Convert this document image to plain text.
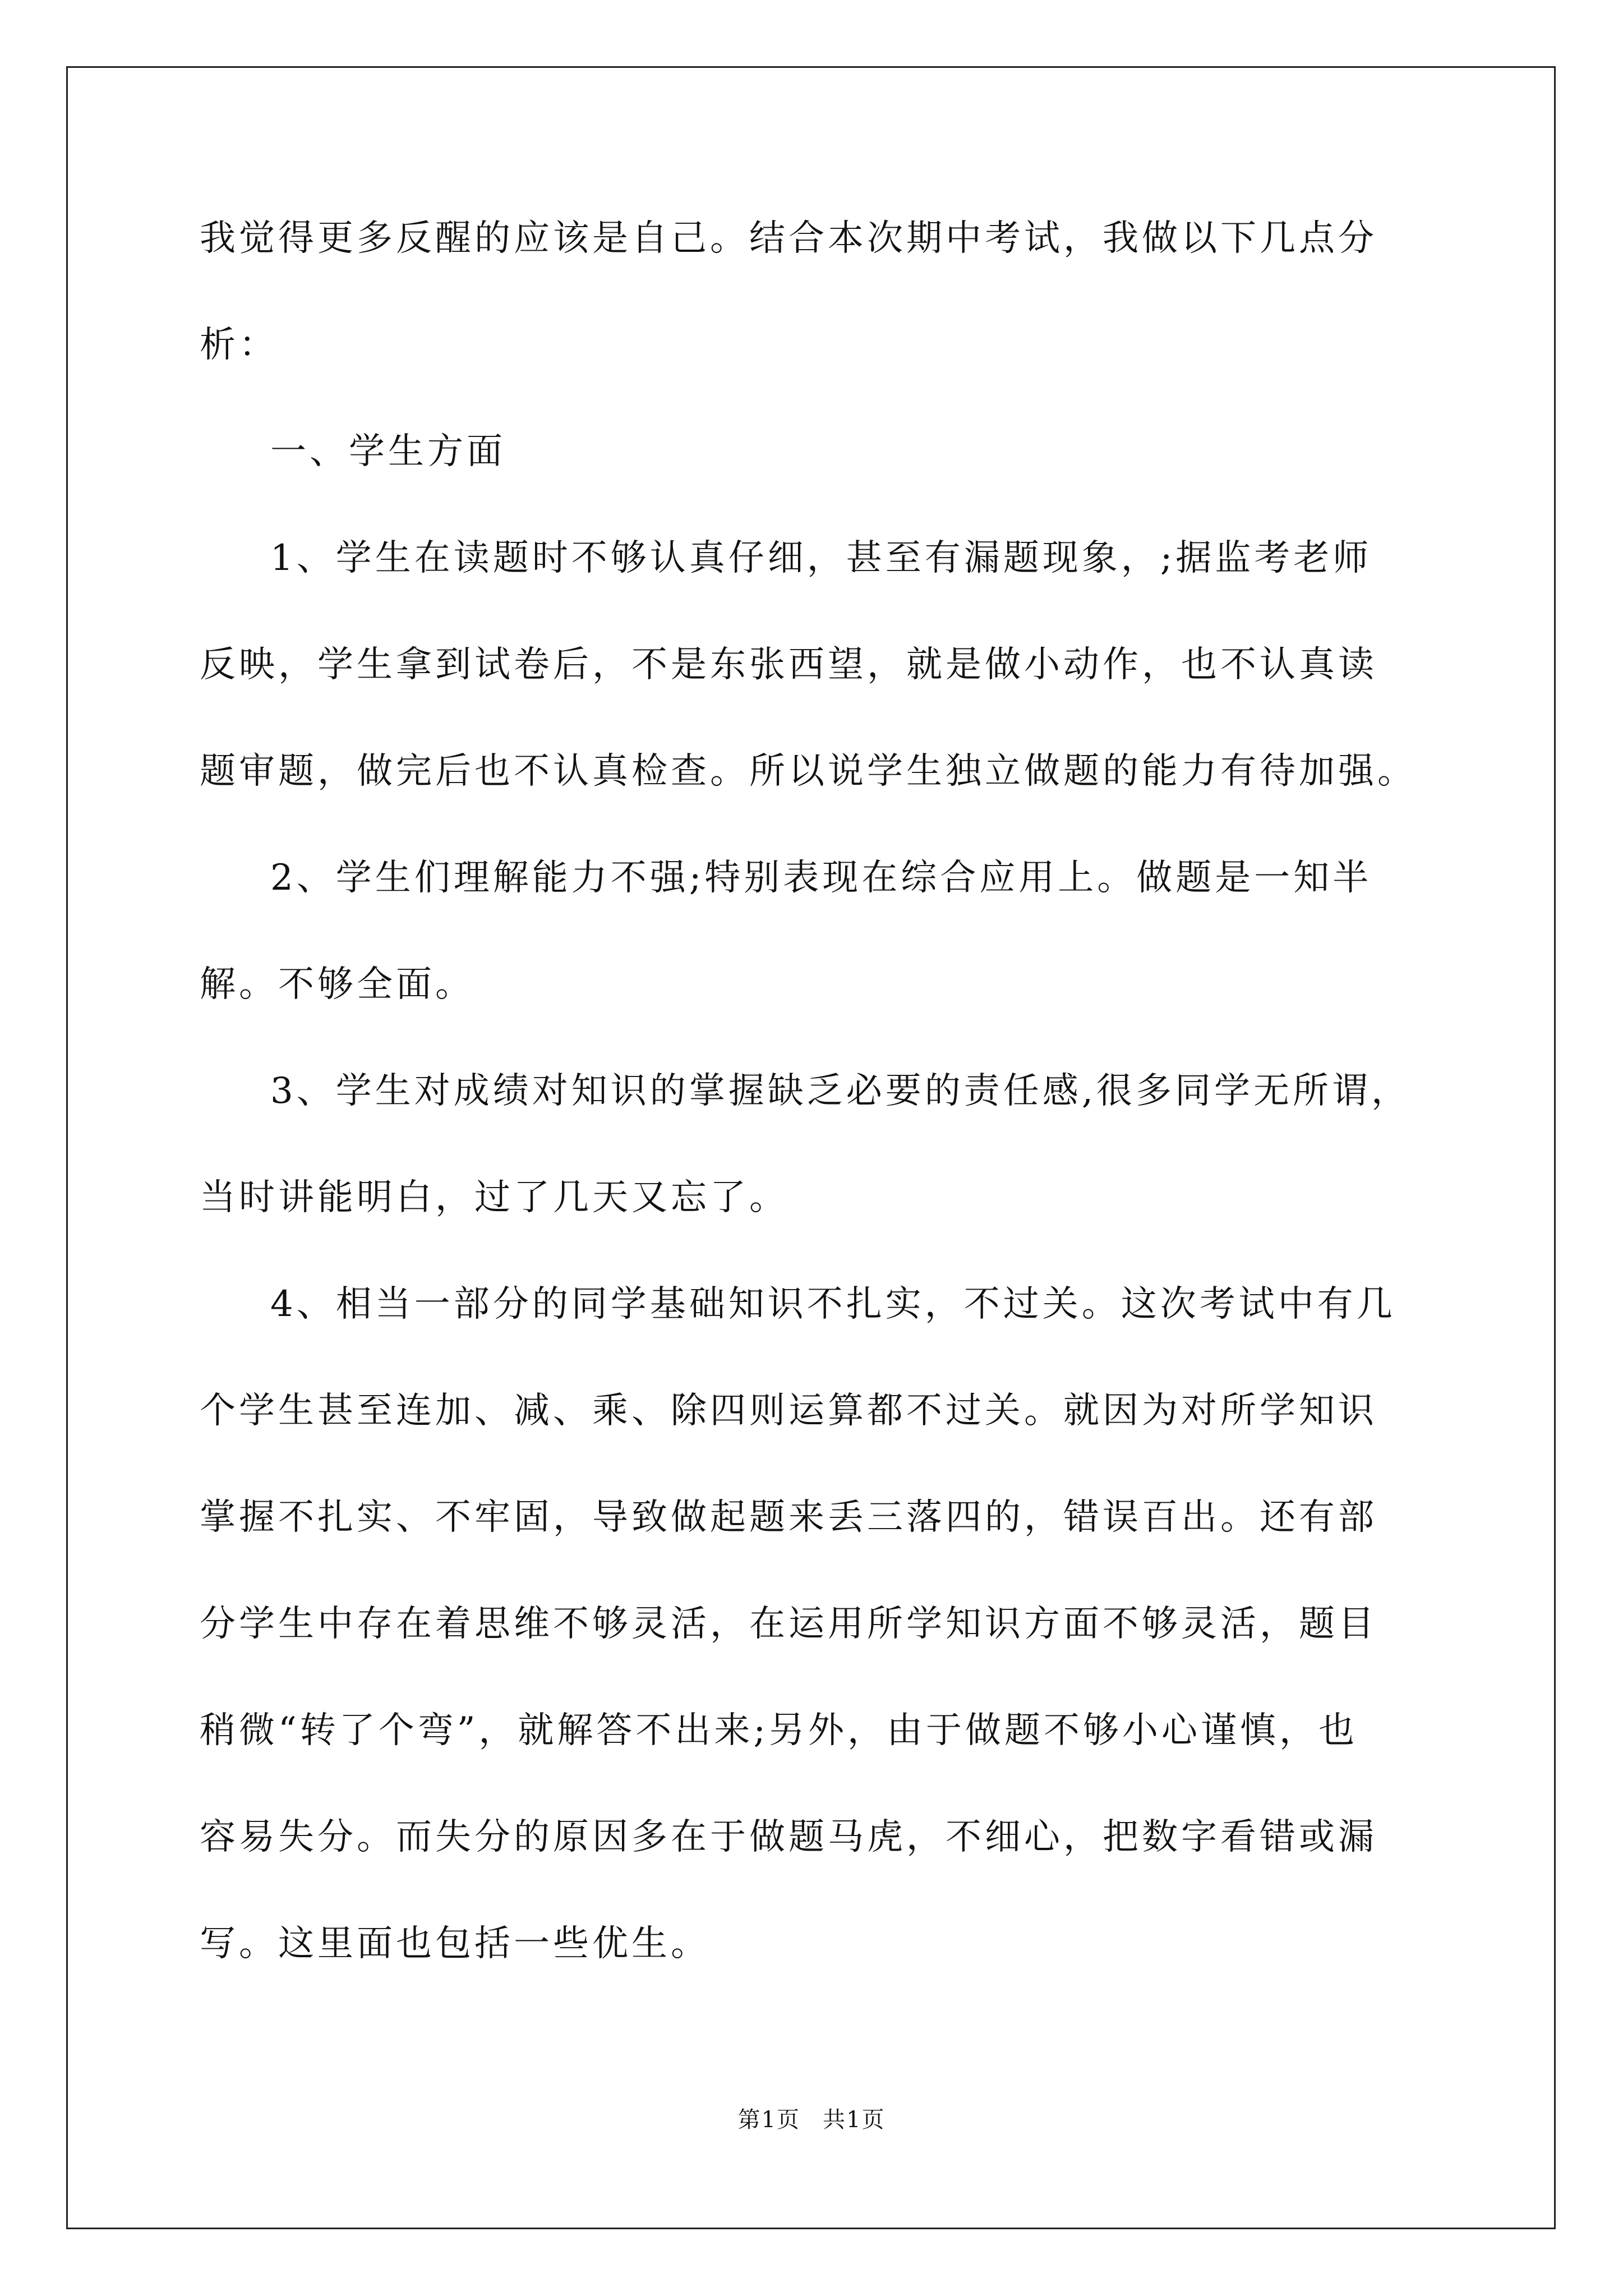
我觉得更多反醒的应该是自己。结合本次期中考试，我做以下几点分
析：
一、学生方面
1、学生在读题时不够认真仔细，甚至有漏题现象，;据监考老师
反映，学生拿到试卷后，不是东张西望，就是做小动作，也不认真读
题审题，做完后也不认真检查。所以说学生独立做题的能力有待加强。
2、学生们理解能力不强;特别表现在综合应用上。做题是一知半
解。不够全面。
3、学生对成绩对知识的掌握缺乏必要的责任感,很多同学无所谓，
当时讲能明白，过了几天又忘了。
4、相当一部分的同学基础知识不扎实，不过关。这次考试中有几
个学生甚至连加、减、乘、除四则运算都不过关。就因为对所学知识
掌握不扎实、不牢固，导致做起题来丢三落四的，错误百出。还有部
分学生中存在着思维不够灵活，在运用所学知识方面不够灵活，题目
稍微“转了个弯”，就解答不出来;另外，由于做题不够小心谨慎，也
容易失分。而失分的原因多在于做题马虎，不细心，把数字看错或漏
写。这里面也包括一些优生。
第1页 共1页
